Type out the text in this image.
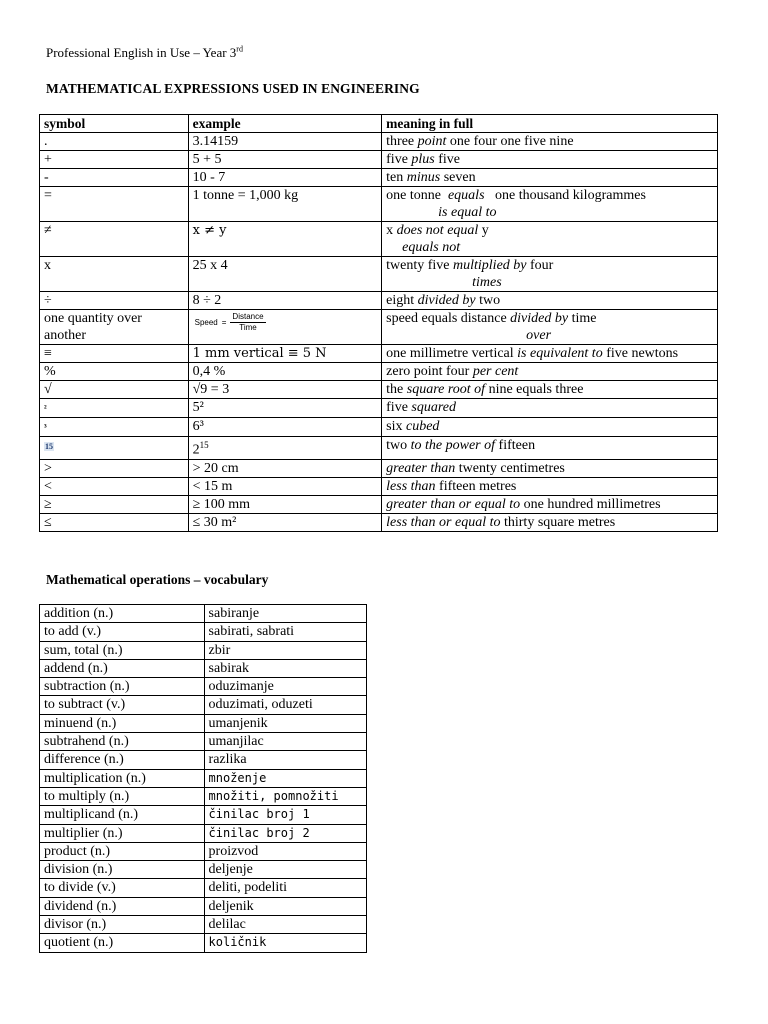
Professional English in Use – Year 3rd
MATHEMATICAL EXPRESSIONS USED IN ENGINEERING
symbol	example	meaning in full
.	3.14159	three point one four one five nine
+	5 + 5	five plus five
-	10 - 7	ten minus seven
=	1 tonne = 1,000 kg	one tonne  equals   one thousand kilogrammes
is equal to

≠	x ≠ y	x does not equal y
equals not

x	25 x 4	twenty five multiplied by four
times

÷	8 ÷ 2	eight divided by two
one quantity over another	Speed = $\frac{\text{Distance}}{\text{Time}}$	speed equals distance divided by time
over

≡	1 mm vertical ≡ 5 N	one millimetre vertical is equivalent to five newtons
%	0,4 %	zero point four per cent
√	√9 = 3	the square root of nine equals three
²	5²	five squared
³	6³	six cubed
15	$2^{15}$	two to the power of fifteen
>	> 20 cm	greater than twenty centimetres
<	< 15 m	less than fifteen metres
≥	≥ 100 mm	greater than or equal to one hundred millimetres
≤	≤ 30 m²	less than or equal to thirty square metres
Mathematical operations – vocabulary
addition (n.)	sabiranje
to add (v.)	sabirati, sabrati
sum, total (n.)	zbir
addend (n.)	sabirak
subtraction (n.)	oduzimanje
to subtract (v.)	oduzimati, oduzeti
minuend (n.)	umanjenik
subtrahend (n.)	umanjilac
difference (n.)	razlika
multiplication (n.)	množenje
to multiply (n.)	množiti, pomnožiti
multiplicand (n.)	činilac broj 1
multiplier (n.)	činilac broj 2
product (n.)	proizvod
division (n.)	deljenje
to divide (v.)	deliti, podeliti
dividend (n.)	deljenik
divisor (n.)	delilac
quotient (n.)	količnik
